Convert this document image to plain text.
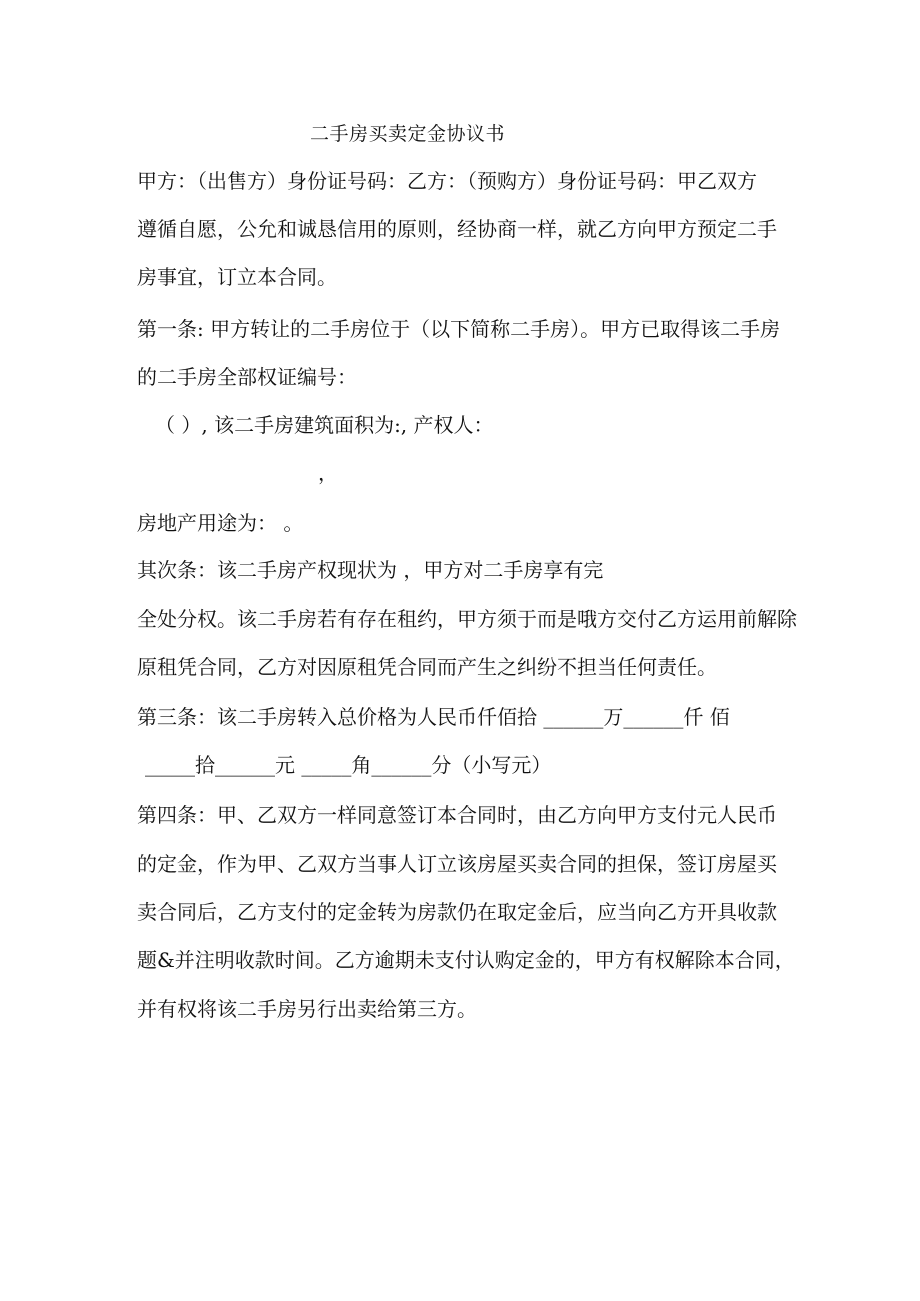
二手房买卖定金协议书
甲方：（出售方）身份证号码：乙方：（预购方）身份证号码：甲乙双方
遵循自愿，公允和诚恳信用的原则，经协商一样，就乙方向甲方预定二手
房事宜，订立本合同。
第一条: 甲方转让的二手房位于（以下简称二手房）。甲方已取得该二手房
的二手房全部权证编号：
（ ）, 该二手房建筑面积为:, 产权人：
，
房地产用途为： 。
其次条：该二手房产权现状为 ，甲方对二手房享有完
全处分权。该二手房若有存在租约，甲方须于而是哦方交付乙方运用前解除
原租凭合同，乙方对因原租凭合同而产生之纠纷不担当任何责任。
第三条：该二手房转入总价格为人民币仟佰拾 ______万______仟 佰
_____拾______元 _____角______分（小写元）
第四条：甲、乙双方一样同意签订本合同时，由乙方向甲方支付元人民币
的定金，作为甲、乙双方当事人订立该房屋买卖合同的担保，签订房屋买
卖合同后，乙方支付的定金转为房款仍在取定金后，应当向乙方开具收款
题&并注明收款时间。乙方逾期未支付认购定金的，甲方有权解除本合同，
并有权将该二手房另行出卖给第三方。
